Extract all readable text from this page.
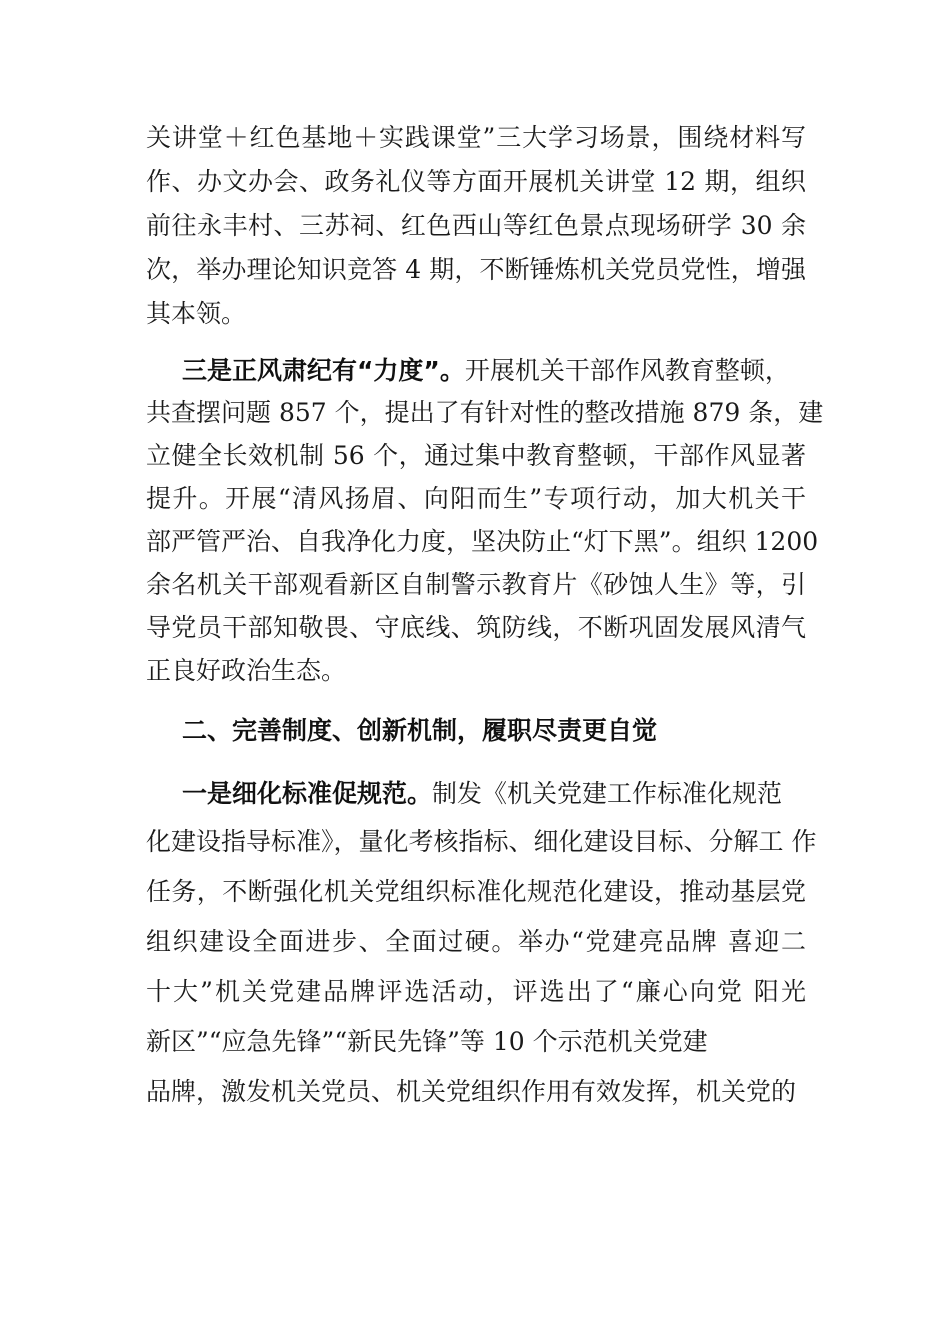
关讲堂＋红色基地＋实践课堂”三大学习场景，围绕材料写
作、办文办会、政务礼仪等方面开展机关讲堂 12 期，组织
前往永丰村、三苏祠、红色西山等红色景点现场研学 30 余
次，举办理论知识竞答 4 期，不断锤炼机关党员党性，增强
其本领。
三是正风肃纪有“力度”。开展机关干部作风教育整顿，
共查摆问题 857 个，提出了有针对性的整改措施 879 条，建
立健全长效机制 56 个，通过集中教育整顿，干部作风显著
提升。开展“清风扬眉、向阳而生”专项行动，加大机关干
部严管严治、自我净化力度，坚决防止“灯下黑”。组织 1200
余名机关干部观看新区自制警示教育片《砂蚀人生》等，引
导党员干部知敬畏、守底线、筑防线，不断巩固发展风清气
正良好政治生态。
二、完善制度、创新机制，履职尽责更自觉
一是细化标准促规范。制发《机关党建工作标准化规范
化建设指导标准》，量化考核指标、细化建设目标、分解工 作
任务，不断强化机关党组织标准化规范化建设，推动基层党
组织建设全面进步、全面过硬。举办“党建亮品牌 喜迎二
十大”机关党建品牌评选活动，评选出了“廉心向党 阳光
新区”“应急先锋”“新民先锋”等 10 个示范机关党建
品牌，激发机关党员、机关党组织作用有效发挥，机关党的
